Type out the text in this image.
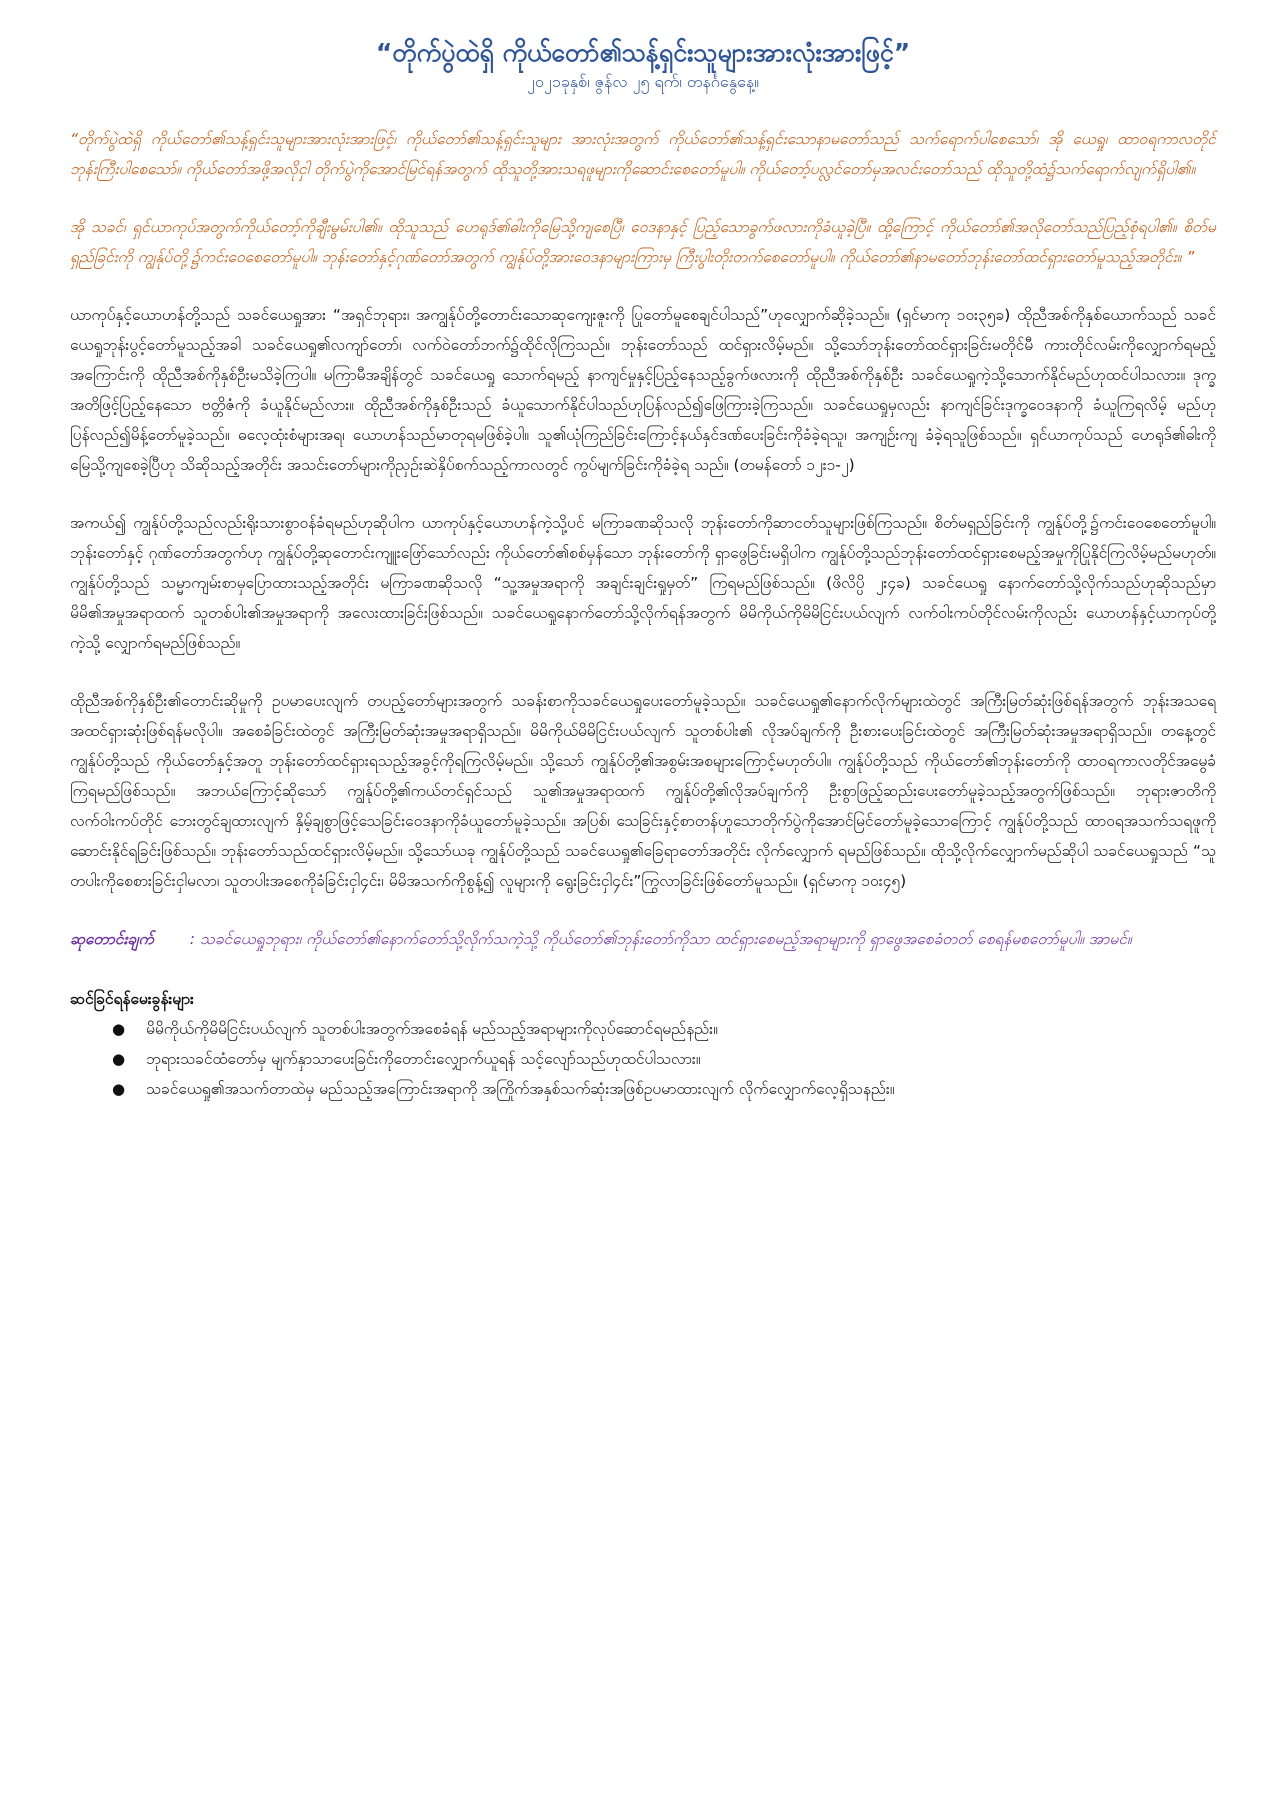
“တိုက်ပွဲထဲရှိ ကိုယ်တော်၏သန့်ရှင်းသူများအားလုံးအားဖြင့်”

၂၀၂၁ခုနှစ်၊ ဇွန်လ ၂၅ ရက်၊ တနင်္ဂနွေနေ့။

“တိုက်ပွဲထဲရှိ ကိုယ်တော်၏သန့်ရှင်းသူများအားလုံးအားဖြင့်၊ ကိုယ်တော်၏သန့်ရှင်းသူများ အားလုံးအတွက် ကိုယ်တော်၏သန့်ရှင်းသောနာမတော်သည် သက်ရောက်ပါစေသော်၊ အို ယေရှု၊ ထာဝရကာလတိုင်ဘုန်းကြီးပါစေသော်။ ကိုယ်တော်အဖို့အလိုငှါ တိုက်ပွဲကိုအောင်မြင်ရန်အတွက် ထိုသူတို့အားသရဖူများကိုဆောင်းစေတော်မူပါ။ ကိုယ်တော့်ပလ္လင်တော်မှအလင်းတော်သည် ထိုသူတို့ထံ၌သက်ရောက်လျက်ရှိပါ၏။

အို သခင်၊ ရှင်ယာကုပ်အတွက်ကိုယ်တော့်ကိုချီးမွမ်းပါ၏။ ထိုသူသည် ဟေရုဒ်၏ဓါးကိုမြေသို့ကျစေပြီ၊ ဝေဒနာနှင့် ပြည့်သောခွက်ဖလားကိုခံယူခဲ့ပြီ။ ထို့ကြောင့် ကိုယ်တော်၏အလိုတော်သည်ပြည့်စုံရပါ၏။ စိတ်မရှည်ခြင်းကို ကျွန်ုပ်တို့၌ကင်းဝေစေတော်မူပါ။ ဘုန်းတော်နှင့်ဂုဏ်တော်အတွက် ကျွန်ုပ်တို့အားဝေဒနာများကြားမှ ကြီးပွါးတိုးတက်စေတော်မူပါ။ ကိုယ်တော်၏နာမတော်ဘုန်းတော်ထင်ရှားတော်မူသည့်အတိုင်း။ ”

ယာကုပ်နှင့်ယောဟန်တို့သည် သခင်ယေရှုအား “အရှင်ဘုရား၊ အကျွန်ုပ်တို့တောင်းသောဆုကျေးဇူးကို ပြုတော်မူစေချင်ပါသည်”ဟုလျှောက်ဆိုခဲ့သည်။ (ရှင်မာကု ၁၀း၃၅ခ) ထိုညီအစ်ကိုနှစ်ယောက်သည် သခင်ယေရှုဘုန်းပွင့်တော်မူသည့်အခါ သခင်ယေရှု၏လကျာ်တော်၊ လက်ဝဲတော်ဘက်၌ထိုင်လိုကြသည်။ ဘုန်းတော်သည် ထင်ရှားလိမ့်မည်။ သို့သော်ဘုန်းတော်ထင်ရှားခြင်းမတိုင်မီ ကားတိုင်လမ်းကိုလျှောက်ရမည့်အကြောင်းကို ထိုညီအစ်ကိုနှစ်ဦးမသိခဲ့ကြပါ။ မကြာမီအချိန်တွင် သခင်ယေရှု သောက်ရမည့် နာကျင်မှုနှင့်ပြည့်နေသည့်ခွက်ဖလားကို ထိုညီအစ်ကိုနှစ်ဦး သခင်ယေရှုကဲ့သို့သောက်နိုင်မည်ဟုထင်ပါသလား။ ဒုက္ခအတိဖြင့်ပြည့်နေသော ဗတ္တိဇံကို ခံယူနိုင်မည်လား။ ထိုညီအစ်ကိုနှစ်ဦးသည် ခံယူသောက်နိုင်ပါသည်ဟုပြန်လည်၍ဖြေကြားခဲ့ကြသည်။ သခင်ယေရှုမှလည်း နာကျင်ခြင်းဒုက္ခဝေဒနာကို ခံယူကြရလိမ့် မည်ဟုပြန်လည်၍မိန့်တော်မူခဲ့သည်။ ဓလေ့ထုံးစံများအရ၊ ယောဟန်သည်မာတုရမဖြစ်ခဲ့ပါ။ သူ၏ယုံကြည်ခြင်းကြောင့်နယ်နှင်ဒဏ်ပေးခြင်းကိုခံခဲ့ရသူ၊ အကျဉ်းကျ ခံခဲ့ရသူဖြစ်သည်။ ရှင်ယာကုပ်သည် ဟေရုဒ်၏ဓါးကို မြေသို့ကျစေခဲ့ပြီဟု သိဆိုသည့်အတိုင်း အသင်းတော်များကိုညှဉ်းဆဲနှိပ်စက်သည့်ကာလတွင် ကွပ်မျက်ခြင်းကိုခံခဲ့ရ သည်။ (တမန်တော် ၁၂း၁-၂)

အကယ်၍ ကျွန်ုပ်တို့သည်လည်းရိုးသားစွာဝန်ခံရမည်ဟုဆိုပါက ယာကုပ်နှင့်ယောဟန်ကဲ့သို့ပင် မကြာခဏဆိုသလို ဘုန်းတော်ကိုဆာငတ်သူများဖြစ်ကြသည်။ စိတ်မရှည်ခြင်းကို ကျွန်ုပ်တို့၌ကင်းဝေစေတော်မူပါ။ ဘုန်းတော်နှင့် ဂုဏ်တော်အတွက်ဟု ကျွန်ုပ်တို့ဆုတောင်းကျူးဖြော်သော်လည်း ကိုယ်တော်၏စစ်မှန်သော ဘုန်းတော်ကို ရှာဖွေခြင်းမရှိပါက ကျွန်ုပ်တို့သည်ဘုန်းတော်ထင်ရှားစေမည့်အမှုကိုပြုနိုင်ကြလိမ့်မည်မဟုတ်။ ကျွန်ုပ်တို့သည် သမ္မာကျမ်းစာမှပြောထားသည့်အတိုင်း မကြာခဏဆိုသလို “သူ့အမှုအရာကို အချင်းချင်းရှုမှတ်” ကြရမည်ဖြစ်သည်။ (ဖိလိပ္ပိ ၂း၄ခ) သခင်ယေရှု နောက်တော်သို့လိုက်သည်ဟုဆိုသည်မှာ မိမိ၏အမှုအရာထက် သူတစ်ပါး၏အမှုအရာကို အလေးထားခြင်းဖြစ်သည်။ သခင်ယေရှုနောက်တော်သို့လိုက်ရန်အတွက် မိမိကိုယ်ကိုမိမိငြင်းပယ်လျက် လက်ဝါးကပ်တိုင်လမ်းကိုလည်း ယောဟန်နှင့်ယာကုပ်တို့ကဲ့သို့ လျှောက်ရမည်ဖြစ်သည်။

ထိုညီအစ်ကိုနှစ်ဦး၏တောင်းဆိုမှုကို ဥပမာပေးလျက် တပည့်တော်များအတွက် သခန်းစာကိုသခင်ယေရှုပေးတော်မူခဲ့သည်။ သခင်ယေရှု၏နောက်လိုက်များထဲတွင် အကြီးမြတ်ဆုံးဖြစ်ရန်အတွက် ဘုန်းအသရေအထင်ရှားဆုံးဖြစ်ရန်မလိုပါ။ အစေခံခြင်းထဲတွင် အကြီးမြတ်ဆုံးအမှုအရာရှိသည်။ မိမိကိုယ်မိမိငြင်းပယ်လျက် သူတစ်ပါး၏ လိုအပ်ချက်ကို ဦးစားပေးခြင်းထဲတွင် အကြီးမြတ်ဆုံးအမှုအရာရှိသည်။ တနေ့တွင် ကျွန်ုပ်တို့သည် ကိုယ်တော်နှင့်အတူ ဘုန်းတော်ထင်ရှားရသည့်အခွင့်ကိုရကြလိမ့်မည်။ သို့သော် ကျွန်ုပ်တို့၏အစွမ်းအစများကြောင့်မဟုတ်ပါ။ ကျွန်ုပ်တို့သည် ကိုယ်တော်၏ဘုန်းတော်ကို ထာဝရကာလတိုင်အမွေခံကြရမည်ဖြစ်သည်။ အဘယ်ကြောင့်ဆိုသော် ကျွန်ုပ်တို့၏ကယ်တင်ရှင်သည် သူ၏အမှုအရာထက် ကျွန်ုပ်တို့၏လိုအပ်ချက်ကို ဦးစွာဖြည့်ဆည်းပေးတော်မူခဲ့သည့်အတွက်ဖြစ်သည်။ ဘုရားဇာတိကို လက်ဝါးကပ်တိုင် ဘေးတွင်ချထားလျက် နှိမ့်ချစွာဖြင့်သေခြင်းဝေဒနာကိုခံယူတော်မူခဲ့သည်။ အပြစ်၊ သေခြင်းနှင့်စာတန်ဟူသောတိုက်ပွဲကိုအောင်မြင်တော်မူခဲ့သောကြောင့် ကျွန်ုပ်တို့သည် ထာဝရအသက်သရဖူကို ဆောင်းနိုင်ရခြင်းဖြစ်သည်။ ဘုန်းတော်သည်ထင်ရှားလိမ့်မည်။ သို့သော်ယခု ကျွန်ုပ်တို့သည် သခင်ယေရှု၏ခြေရာတော်အတိုင်း လိုက်လျှောက် ရမည်ဖြစ်သည်။ ထိုသို့လိုက်လျှောက်မည်ဆိုပါ သခင်ယေရှုသည် “သူတပါးကိုစေစားခြင်းငှါမလာ၊ သူတပါးအစေကိုခံခြင်းငှါ၄င်း၊ မိမိအသက်ကိုစွန့်၍ လူများကို ရွေးခြင်းငှါ၄င်း”ကြွလာခြင်းဖြစ်တော်မူသည်။ (ရှင်မာကု ၁၀း၄၅)

ဆုတောင်းချက် : သခင်ယေရှုဘုရား၊ ကိုယ်တော်၏နောက်တော်သို့လိုက်သကဲ့သို့ ကိုယ်တော်၏ဘုန်းတော်ကိုသာ ထင်ရှားစေမည့်အရာများကို ရှာဖွေအစေခံတတ် စေရန်မစတော်မူပါ။ အာမင်။

ဆင်ခြင်ရန်မေးခွန်းများ

● မိမိကိုယ်ကိုမိမိငြင်းပယ်လျက် သူတစ်ပါးအတွက်အစေခံရန် မည်သည့်အရာများကိုလုပ်ဆောင်ရမည်နည်း။
● ဘုရားသခင်ထံတော်မှ မျက်နှာသာပေးခြင်းကိုတောင်းလျှောက်ယူရန် သင့်လျော်သည်ဟုထင်ပါသလား။
● သခင်ယေရှု၏အသက်တာထဲမှ မည်သည့်အကြောင်းအရာကို အကြိုက်အနှစ်သက်ဆုံးအဖြစ်ဥပမာထားလျက် လိုက်လျှောက်လေ့ရှိသနည်း။
